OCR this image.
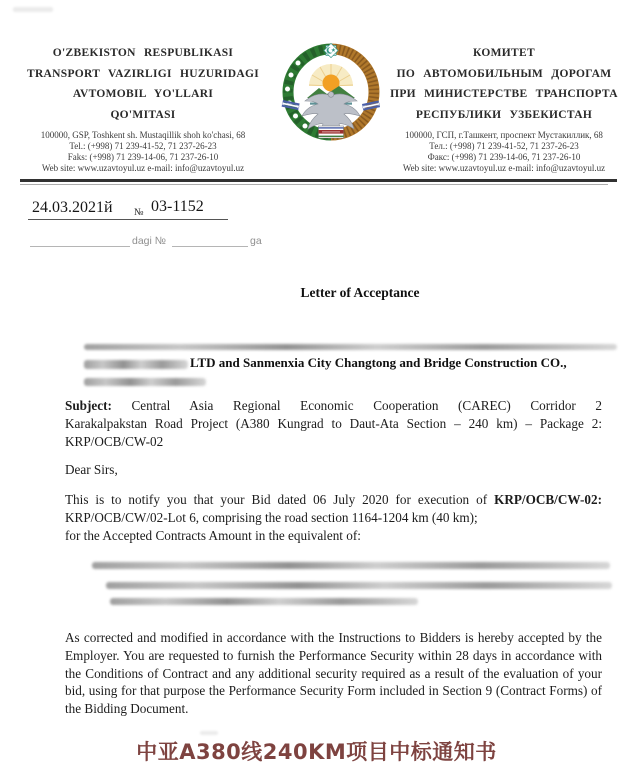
O'ZBEKISTON RESPUBLIKASI
TRANSPORT VAZIRLIGI HUZURIDAGI
AVTOMOBIL YO'LLARI
QO'MITASI
100000, GSP, Toshkent sh. Mustaqillik shoh ko'chasi, 68
Tel.: (+998) 71 239-41-52, 71 237-26-23
Faks: (+998) 71 239-14-06, 71 237-26-10
Web site: www.uzavtoyul.uz e-mail: info@uzavtoyul.uz
КОМИТЕТ
ПО АВТОМОБИЛЬНЫМ ДОРОГАМ
ПРИ МИНИСТЕРСТВЕ ТРАНСПОРТА
РЕСПУБЛИКИ УЗБЕКИСТАН
100000, ГСП, г.Ташкент, проспект Мустакиллик, 68
Тел.: (+998) 71 239-41-52, 71 237-26-23
Факс: (+998) 71 239-14-06, 71 237-26-10
Web site: www.uzavtoyul.uz e-mail: info@uzavtoyul.uz
24.03.2021й № 03-1152
dagi №	ga
Letter of Acceptance
LTD and Sanmenxia City Changtong and Bridge Construction CO.,
Subject: Central Asia Regional Economic Cooperation (CAREC) Corridor 2
Karakalpakstan Road Project (A380 Kungrad to Daut-Ata Section – 240 km) – Package 2:
KRP/OCB/CW-02
Dear Sirs,
This is to notify you that your Bid dated 06 July 2020 for execution of KRP/OCB/CW-02:
KRP/OCB/CW/02-Lot 6, comprising the road section 1164-1204 km (40 km);
for the Accepted Contracts Amount in the equivalent of:
As corrected and modified in accordance with the Instructions to Bidders is hereby accepted by the Employer. You are requested to furnish the Performance Security within 28 days in accordance with the Conditions of Contract and any additional security required as a result of the evaluation of your bid, using for that purpose the Performance Security Form included in Section 9 (Contract Forms) of the Bidding Document.
中亚A380线240KM项目中标通知书
